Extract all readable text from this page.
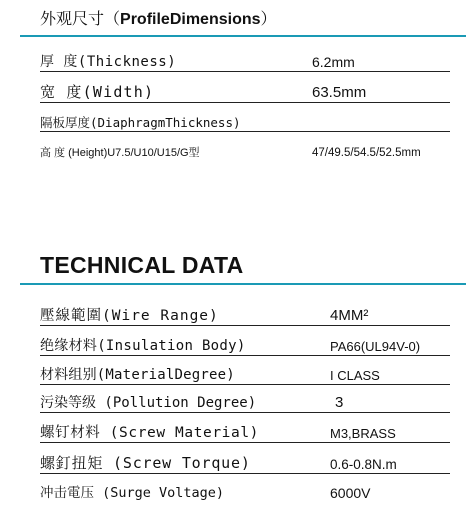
外观尺寸（ProfileDimensions）
厚 度(Thickness)	6.2mm
宽 度(Width)	63.5mm
隔板厚度(DiaphragmThickness)
高 度 (Height)U7.5/U10/U15/G型	47/49.5/54.5/52.5mm
TECHNICAL DATA
壓線範圍(Wire Range)	4MM²
绝缘材料(Insulation Body)	PA66(UL94V-0)
材料组别(MaterialDegree)	I CLASS
污染等级 (Pollution Degree)	3
螺钉材料 (Screw Material)	M3,BRASS
螺釘扭矩 (Screw Torque)	0.6-0.8N.m
冲击電压 (Surge Voltage)	6000V
